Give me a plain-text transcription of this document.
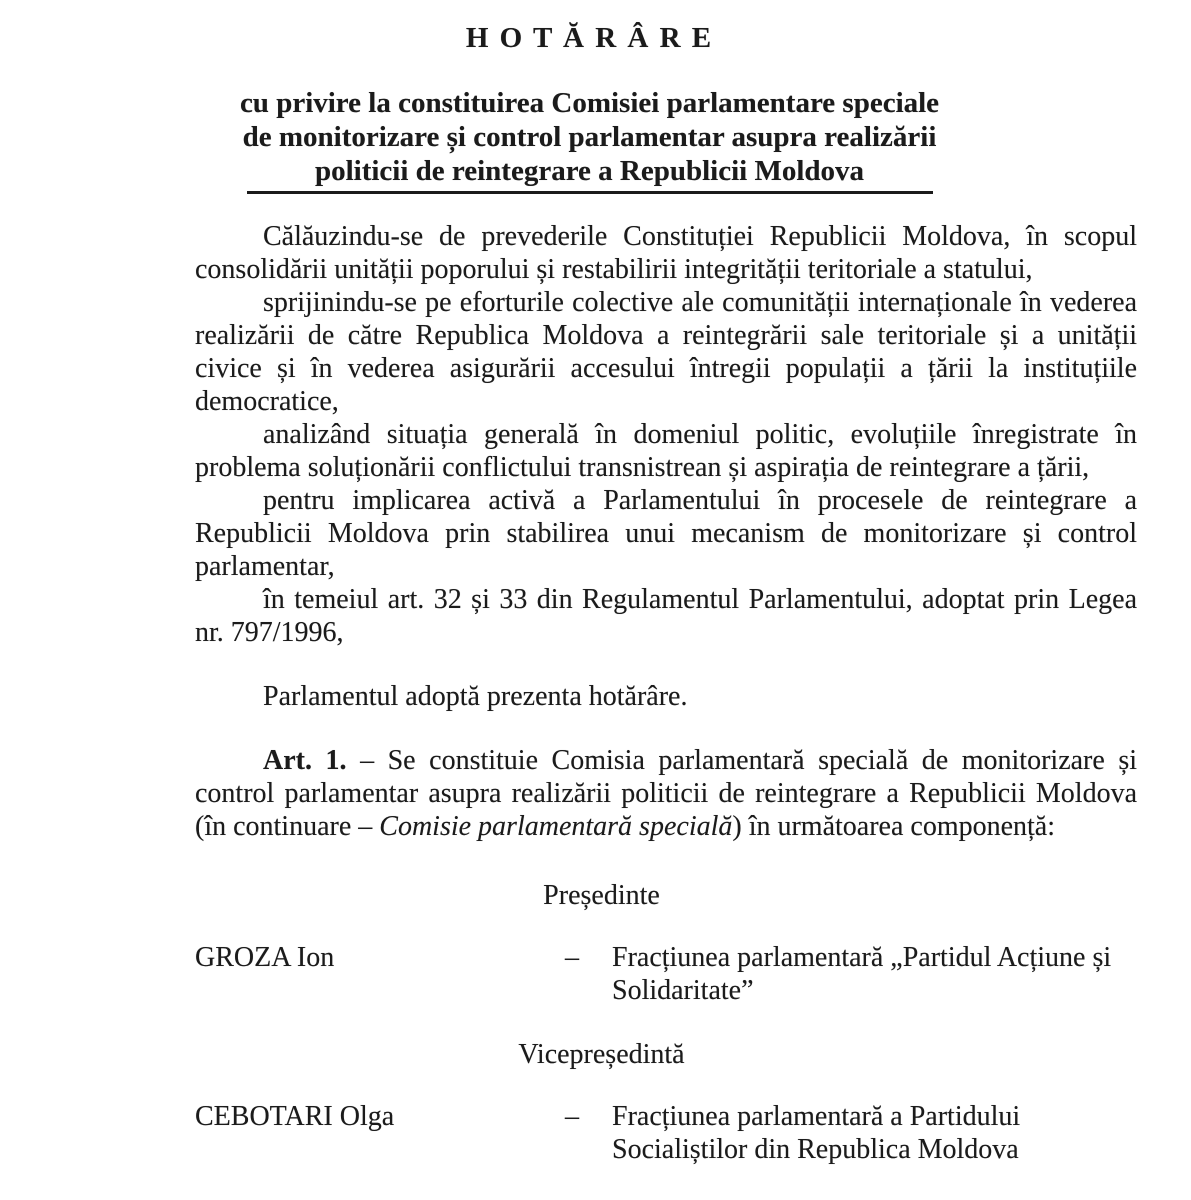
H O T Ă R Â R E
cu privire la constituirea Comisiei parlamentare speciale
de monitorizare și control parlamentar asupra realizării
politicii de reintegrare a Republicii Moldova

Călăuzindu-se de prevederile Constituției Republicii Moldova, în scopul consolidării unității poporului și restabilirii integrității teritoriale a statului,

sprijinindu-se pe eforturile colective ale comunității internaționale în vederea realizării de către Republica Moldova a reintegrării sale teritoriale și a unității civice și în vederea asigurării accesului întregii populații a țării la instituțiile democratice,

analizând situația generală în domeniul politic, evoluțiile înregistrate în problema soluționării conflictului transnistrean și aspirația de reintegrare a țării,

pentru implicarea activă a Parlamentului în procesele de reintegrare a Republicii Moldova prin stabilirea unui mecanism de monitorizare și control parlamentar,

în temeiul art. 32 și 33 din Regulamentul Parlamentului, adoptat prin Legea nr. 797/1996,

Parlamentul adoptă prezenta hotărâre.

Art. 1. – Se constituie Comisia parlamentară specială de monitorizare și control parlamentar asupra realizării politicii de reintegrare a Republicii Moldova (în continuare – Comisie parlamentară specială) în următoarea componență:

Președinte
GROZA Ion	–	Fracțiunea parlamentară „Partidul Acțiune și Solidaritate”
Vicepreședintă
CEBOTARI Olga	–	Fracțiunea parlamentară a Partidului Socialiștilor din Republica Moldova
